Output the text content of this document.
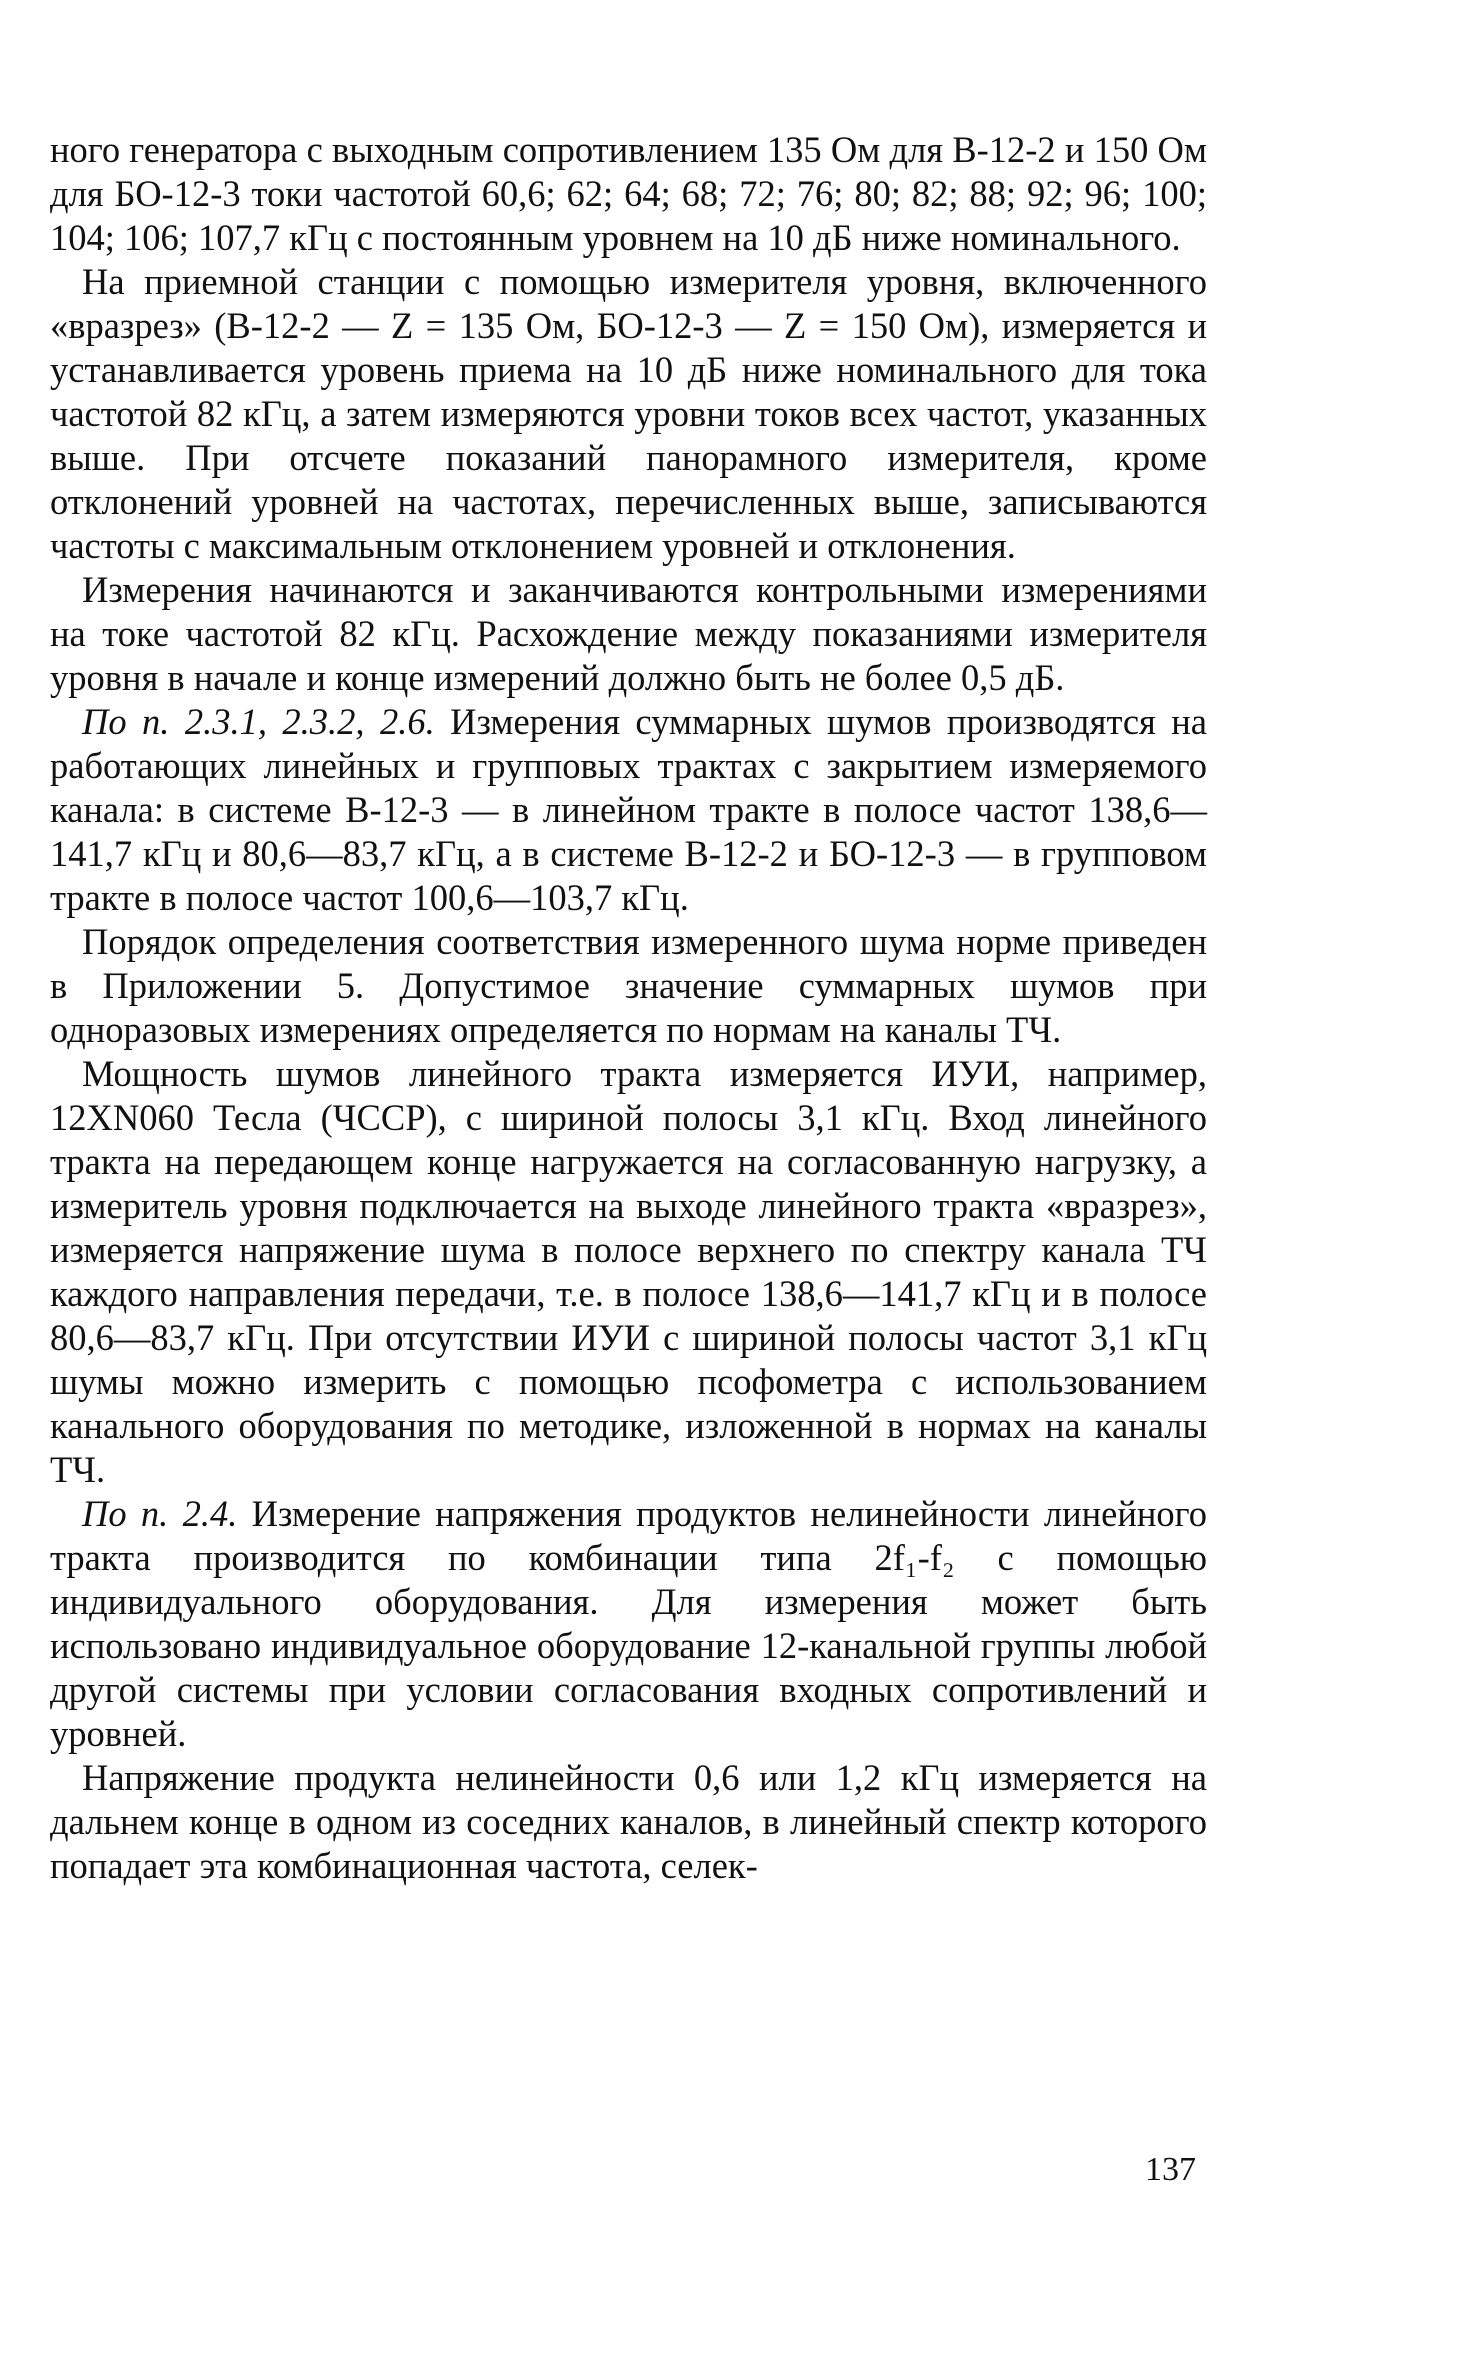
ного генератора с выходным сопротивлением 135 Ом для В-12-2 и 150 Ом для БО-12-3 токи частотой 60,6; 62; 64; 68; 72; 76; 80; 82; 88; 92; 96; 100; 104; 106; 107,7 кГц с постоянным уровнем на 10 дБ ниже номинального.

На приемной станции с помощью измерителя уровня, включенного «вразрез» (В-12-2 — Z = 135 Ом, БО-12-3 — Z = 150 Ом), измеряется и устанавливается уровень приема на 10 дБ ниже номинального для тока частотой 82 кГц, а затем измеряются уровни токов всех частот, указанных выше. При отсчете показаний панорамного измерителя, кроме отклонений уровней на частотах, перечисленных выше, записываются частоты с максимальным отклонением уровней и отклонения.

Измерения начинаются и заканчиваются контрольными измерениями на токе частотой 82 кГц. Расхождение между показаниями измерителя уровня в начале и конце измерений должно быть не более 0,5 дБ.

По п. 2.3.1, 2.3.2, 2.6. Измерения суммарных шумов производятся на работающих линейных и групповых трактах с закрытием измеряемого канала: в системе В-12-3 — в линейном тракте в полосе частот 138,6—141,7 кГц и 80,6—83,7 кГц, а в системе В-12-2 и БО-12-3 — в групповом тракте в полосе частот 100,6—103,7 кГц.

Порядок определения соответствия измеренного шума норме приведен в Приложении 5. Допустимое значение суммарных шумов при одноразовых измерениях определяется по нормам на каналы ТЧ.

Мощность шумов линейного тракта измеряется ИУИ, например, 12XN060 Тесла (ЧССР), с шириной полосы 3,1 кГц. Вход линейного тракта на передающем конце нагружается на согласованную нагрузку, а измеритель уровня подключается на выходе линейного тракта «вразрез», измеряется напряжение шума в полосе верхнего по спектру канала ТЧ каждого направления передачи, т.е. в полосе 138,6—141,7 кГц и в полосе 80,6—83,7 кГц. При отсутствии ИУИ с шириной полосы частот 3,1 кГц шумы можно измерить с помощью псофометра с использованием канального оборудования по методике, изложенной в нормах на каналы ТЧ.

По п. 2.4. Измерение напряжения продуктов нелинейности линейного тракта производится по комбинации типа 2f₁-f₂ с помощью индивидуального оборудования. Для измерения может быть использовано индивидуальное оборудование 12-канальной группы любой другой системы при условии согласования входных сопротивлений и уровней.

Напряжение продукта нелинейности 0,6 или 1,2 кГц измеряется на дальнем конце в одном из соседних каналов, в линейный спектр которого попадает эта комбинационная частота, селек-

137
